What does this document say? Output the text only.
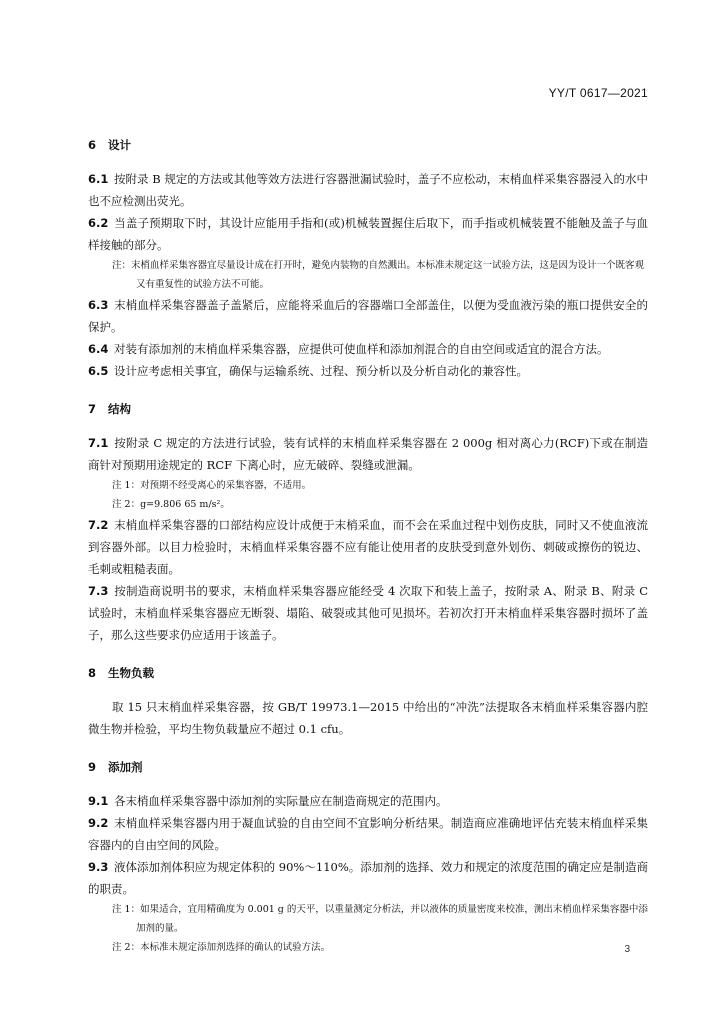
YY/T 0617—2021
6 设计
6.1 按附录 B 规定的方法或其他等效方法进行容器泄漏试验时，盖子不应松动，末梢血样采集容器浸入的水中也不应检测出荧光。
6.2 当盖子预期取下时，其设计应能用手指和(或)机械装置握住后取下，而手指或机械装置不能触及盖子与血样接触的部分。
注：末梢血样采集容器宜尽量设计成在打开时，避免内装物的自然溅出。本标准未规定这一试验方法，这是因为设计一个既客观又有重复性的试验方法不可能。
6.3 末梢血样采集容器盖子盖紧后，应能将采血后的容器端口全部盖住，以便为受血液污染的瓶口提供安全的保护。
6.4 对装有添加剂的末梢血样采集容器，应提供可使血样和添加剂混合的自由空间或适宜的混合方法。
6.5 设计应考虑相关事宜，确保与运输系统、过程、预分析以及分析自动化的兼容性。
7 结构
7.1 按附录 C 规定的方法进行试验，装有试样的末梢血样采集容器在 2 000g 相对离心力(RCF)下或在制造商针对预期用途规定的 RCF 下离心时，应无破碎、裂缝或泄漏。
注 1：对预期不经受离心的采集容器，不适用。
注 2：g=9.806 65 m/s²。
7.2 末梢血样采集容器的口部结构应设计成便于末梢采血，而不会在采血过程中划伤皮肤，同时又不使血液流到容器外部。以目力检验时，末梢血样采集容器不应有能让使用者的皮肤受到意外划伤、刺破或擦伤的锐边、毛刺或粗糙表面。
7.3 按制造商说明书的要求，末梢血样采集容器应能经受 4 次取下和装上盖子，按附录 A、附录 B、附录 C 试验时，末梢血样采集容器应无断裂、塌陷、破裂或其他可见损坏。若初次打开末梢血样采集容器时损坏了盖子，那么这些要求仍应适用于该盖子。
8 生物负载
取 15 只末梢血样采集容器，按 GB/T 19973.1—2015 中给出的“冲洗”法提取各末梢血样采集容器内腔微生物并检验，平均生物负载量应不超过 0.1 cfu。
9 添加剂
9.1 各末梢血样采集容器中添加剂的实际量应在制造商规定的范围内。
9.2 末梢血样采集容器内用于凝血试验的自由空间不宜影响分析结果。制造商应准确地评估充装末梢血样采集容器内的自由空间的风险。
9.3 液体添加剂体积应为规定体积的 90%～110%。添加剂的选择、效力和规定的浓度范围的确定应是制造商的职责。
注 1：如果适合，宜用精确度为 0.001 g 的天平，以重量测定分析法，并以液体的质量密度来校准，测出末梢血样采集容器中添加剂的量。
注 2：本标准未规定添加剂选择的确认的试验方法。	3
